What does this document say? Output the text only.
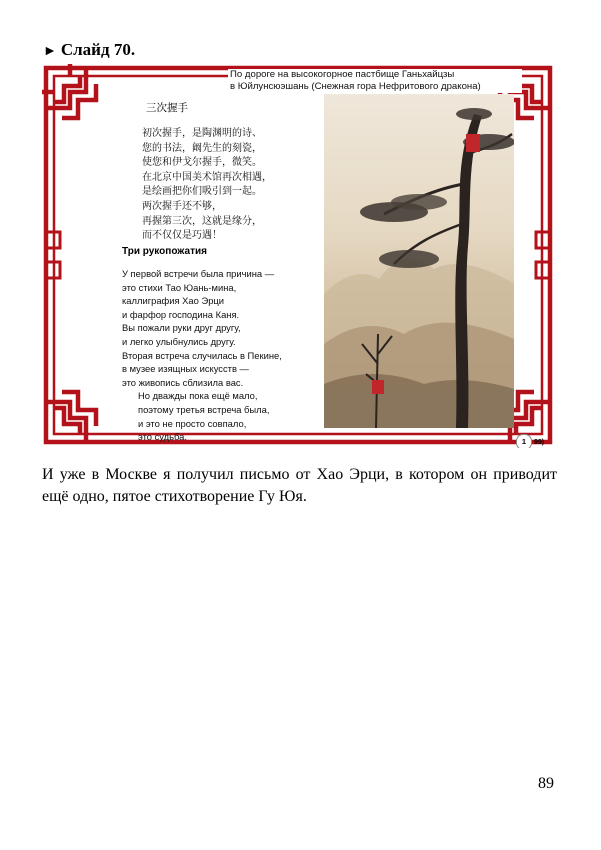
► Слайд 70.
По дороге на высокогорное пастбище Ганьхайцзы
в Юйлунсюэшань (Снежная гора Нефритового дракона)
三次握手
初次握手，是陶渊明的诗、
您的书法，阚先生的刻瓷，
使您和伊戈尔握手，微笑。
在北京中国美术馆再次相遇，
是绘画把你们吸引到一起。
两次握手还不够，
再握第三次，这就是缘分，
而不仅仅是巧遇！
Три рукопожатия
У первой встречи была причина —
это стихи Тао Юань-мина,
каллиграфия Хао Эрци
и фарфор господина Каня.
Вы пожали руки друг другу,
и легко улыбнулись другу.
Вторая встреча случилась в Пекине,
в музее изящных искусств —
это живопись сблизила вас.
Но дважды пока ещё мало,
поэтому третья встреча была,
и это не просто совпало,
это судьба.	1 99)
И уже в Москве я получил письмо от Хао Эрци, в котором он приводит ещё одно, пятое стихотворение Гу Юя.
89
